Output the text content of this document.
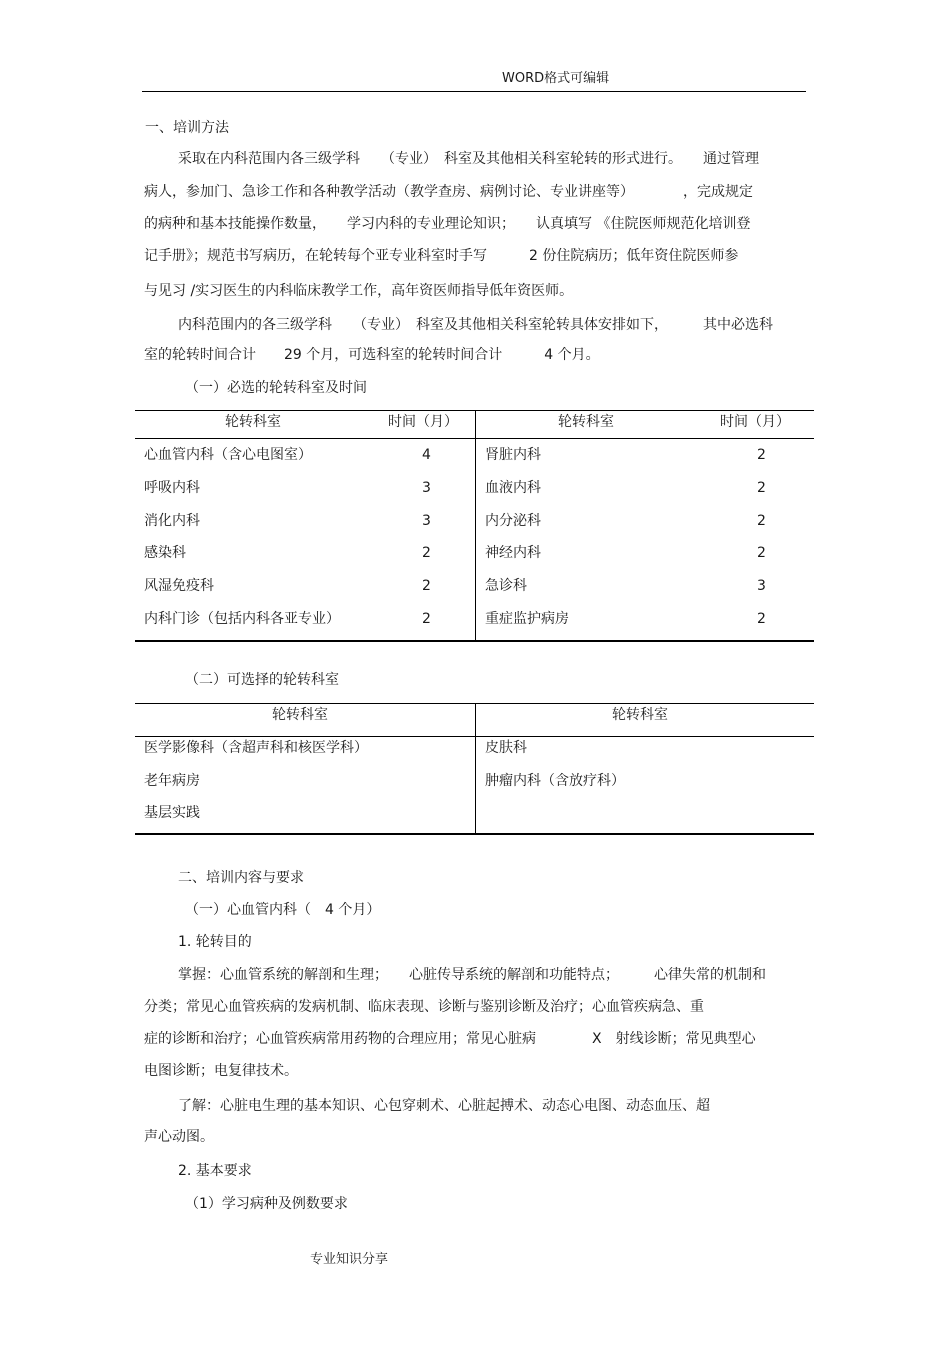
WORD格式可编辑
一、培训方法
采取在内科范围内各三级学科　　（专业）　科室及其他相关科室轮转的形式进行。　　通过管理
病人，参加门、急诊工作和各种教学活动（教学查房、病例讨论、专业讲座等）　　　　，完成规定
的病种和基本技能操作数量，　　学习内科的专业理论知识；　　认真填写 《住院医师规范化培训登
记手册》；规范书写病历，在轮转每个亚专业科室时手写　　　2 份住院病历；低年资住院医师参
与见习 /实习医生的内科临床教学工作，高年资医师指导低年资医师。
内科范围内的各三级学科　　（专业）　科室及其他相关科室轮转具体安排如下，　　　其中必选科
室的轮转时间合计　　29 个月，可选科室的轮转时间合计　　　4 个月。
（一）必选的轮转科室及时间
轮转科室	时间（月）	轮转科室	时间（月）
心血管内科（含心电图室）	4	肾脏内科	2
呼吸内科	3	血液内科	2
消化内科	3	内分泌科	2
感染科	2	神经内科	2
风湿免疫科	2	急诊科	3
内科门诊（包括内科各亚专业）	2	重症监护病房	2
（二）可选择的轮转科室
轮转科室	轮转科室
医学影像科（含超声科和核医学科）	皮肤科
老年病房	肿瘤内科（含放疗科）
基层实践
二、培训内容与要求
（一）心血管内科（　4 个月）
1. 轮转目的
掌握：心血管系统的解剖和生理；　　心脏传导系统的解剖和功能特点；　　　心律失常的机制和
分类；常见心血管疾病的发病机制、临床表现、诊断与鉴别诊断及治疗；心血管疾病急、重
症的诊断和治疗；心血管疾病常用药物的合理应用；常见心脏病　　　　X　射线诊断；常见典型心
电图诊断；电复律技术。
了解：心脏电生理的基本知识、心包穿刺术、心脏起搏术、动态心电图、动态血压、超
声心动图。
2. 基本要求
（1）学习病种及例数要求
专业知识分享
